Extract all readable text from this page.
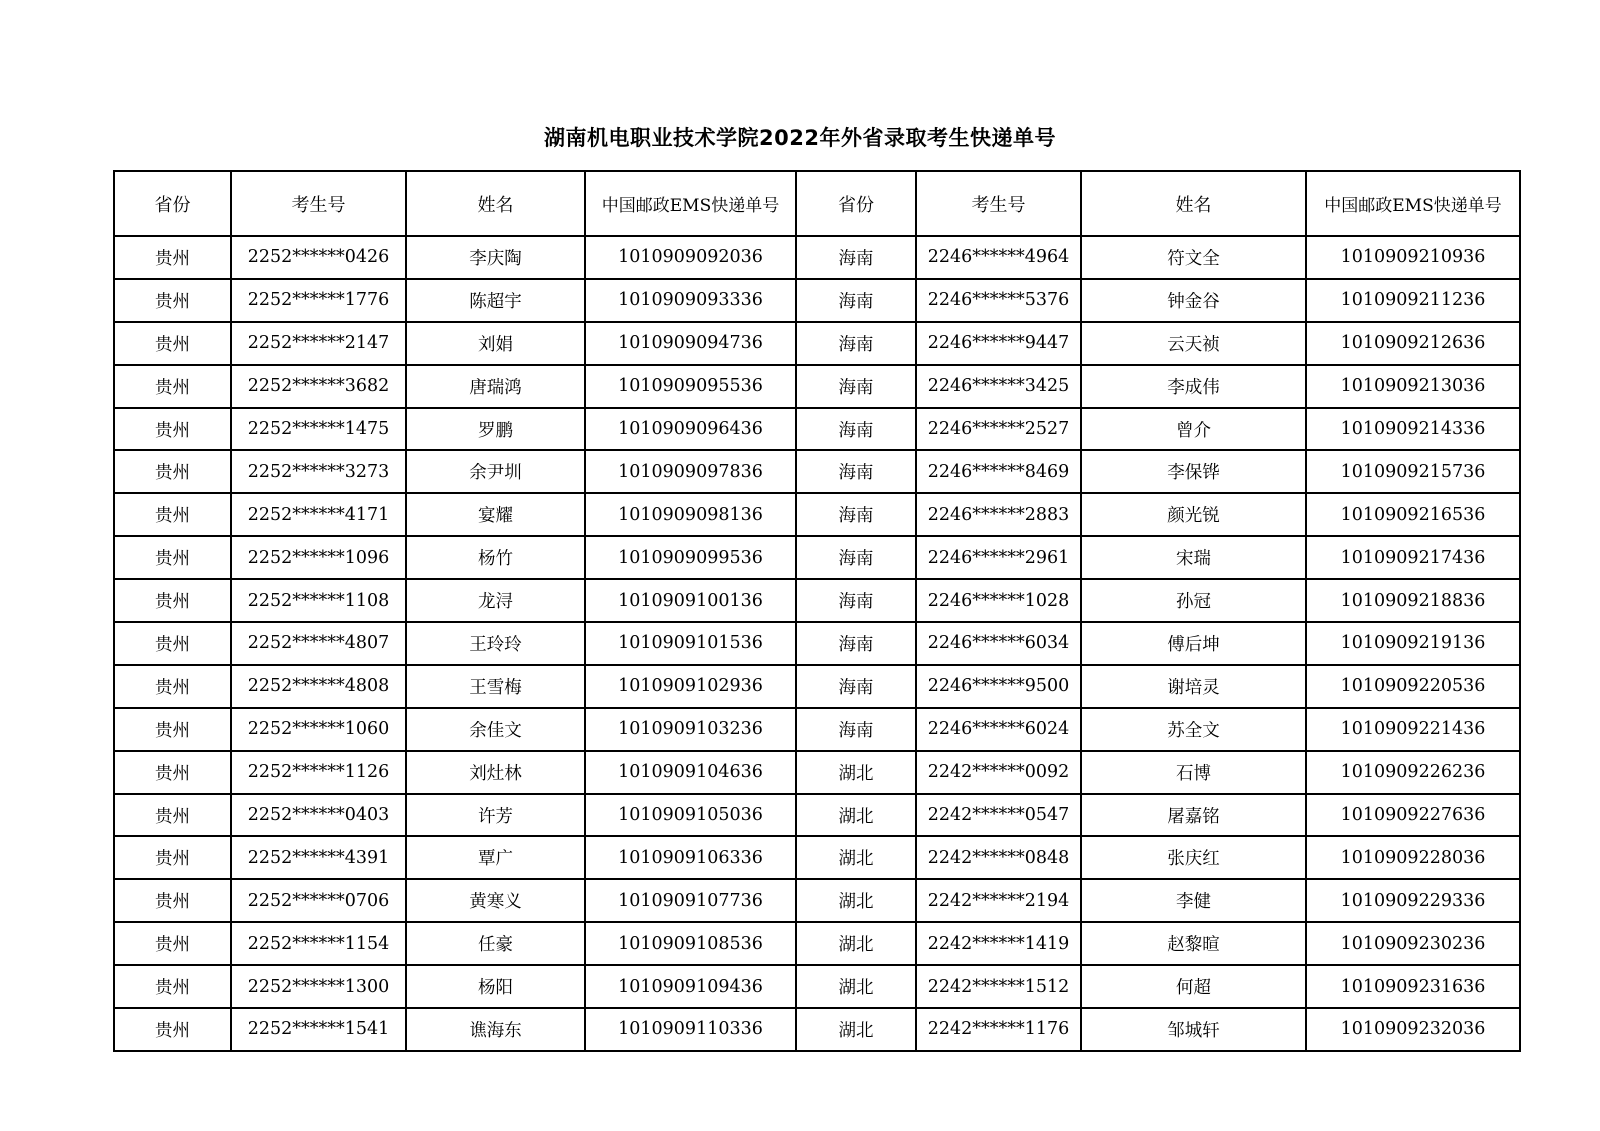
湖南机电职业技术学院2022年外省录取考生快递单号
省份	考生号	姓名	中国邮政EMS快递单号	省份	考生号	姓名	中国邮政EMS快递单号
贵州	2252******0426	李庆陶	1010909092036	海南	2246******4964	符文全	1010909210936
贵州	2252******1776	陈超宇	1010909093336	海南	2246******5376	钟金谷	1010909211236
贵州	2252******2147	刘娟	1010909094736	海南	2246******9447	云天祯	1010909212636
贵州	2252******3682	唐瑞鸿	1010909095536	海南	2246******3425	李成伟	1010909213036
贵州	2252******1475	罗鹏	1010909096436	海南	2246******2527	曾介	1010909214336
贵州	2252******3273	余尹圳	1010909097836	海南	2246******8469	李保铧	1010909215736
贵州	2252******4171	宴耀	1010909098136	海南	2246******2883	颜光锐	1010909216536
贵州	2252******1096	杨竹	1010909099536	海南	2246******2961	宋瑞	1010909217436
贵州	2252******1108	龙浔	1010909100136	海南	2246******1028	孙冠	1010909218836
贵州	2252******4807	王玲玲	1010909101536	海南	2246******6034	傅后坤	1010909219136
贵州	2252******4808	王雪梅	1010909102936	海南	2246******9500	谢培灵	1010909220536
贵州	2252******1060	余佳文	1010909103236	海南	2246******6024	苏全文	1010909221436
贵州	2252******1126	刘灶林	1010909104636	湖北	2242******0092	石博	1010909226236
贵州	2252******0403	许芳	1010909105036	湖北	2242******0547	屠嘉铭	1010909227636
贵州	2252******4391	覃广	1010909106336	湖北	2242******0848	张庆红	1010909228036
贵州	2252******0706	黄寒义	1010909107736	湖北	2242******2194	李健	1010909229336
贵州	2252******1154	任豪	1010909108536	湖北	2242******1419	赵黎暄	1010909230236
贵州	2252******1300	杨阳	1010909109436	湖北	2242******1512	何超	1010909231636
贵州	2252******1541	谯海东	1010909110336	湖北	2242******1176	邹城轩	1010909232036
